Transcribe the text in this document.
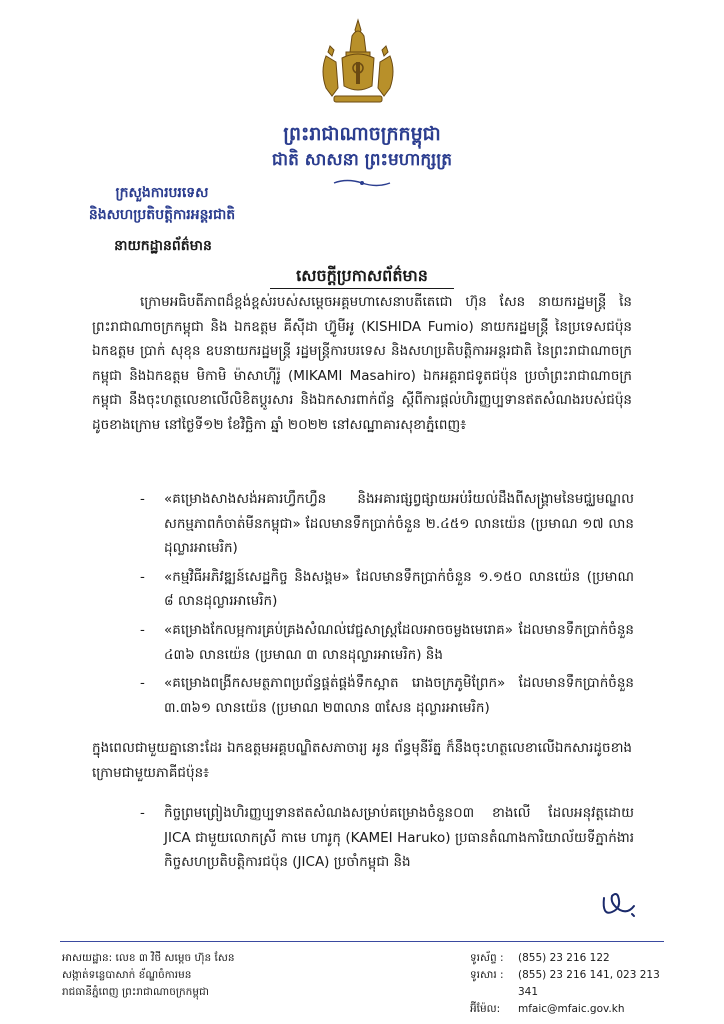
ព្រះរាជាណាចក្រកម្ពុជា
ជាតិ សាសនា ព្រះមហាក្សត្រ
ក្រសួងការបរទេស
និងសហប្រតិបត្តិការអន្តរជាតិ
នាយកដ្ឋានព័ត៌មាន
សេចក្តីប្រកាសព័ត៌មាន
ក្រោមអធិបតីភាពដ៏ខ្ពង់ខ្ពស់របស់សម្តេចអគ្គមហាសេនាបតីតេជោ ហ៊ុន សែន នាយករដ្ឋមន្ត្រី នៃព្រះរាជាណាចក្រកម្ពុជា និង ឯកឧត្តម គីស៊ីដា ហ៊្វូមីអូ (KISHIDA Fumio) នាយករដ្ឋមន្ត្រី នៃប្រទេសជប៉ុន ឯកឧត្តម ប្រាក់ សុខុន ឧបនាយករដ្ឋមន្ត្រី រដ្ឋមន្ត្រីការបរទេស និងសហប្រតិបត្តិការអន្តរជាតិ នៃព្រះរាជាណាចក្រកម្ពុជា និងឯកឧត្តម មិកាមិ ម៉ាសាហ៊ីរ៉ូ (MIKAMI Masahiro) ឯកអគ្គរាជទូតជប៉ុន ប្រចាំព្រះរាជាណាចក្រកម្ពុជា នឹងចុះហត្ថលេខាលើលិខិតប្តូរសារ និងឯកសារពាក់ព័ន្ធ ស្តីពីការផ្តល់ហិរញ្ញប្បទានឥតសំណងរបស់ជប៉ុន ដូចខាងក្រោម នៅថ្ងៃទី១២ ខែវិច្ឆិកា ឆ្នាំ ២០២២ នៅសណ្ឋាគារសុខាភ្នំពេញ៖
- «គម្រោងសាងសង់អគារហ្វឹកហ្វឺន និងអគារផ្សព្វផ្សាយអប់រំយល់ដឹងពីសង្គ្រាមនៃមជ្ឈមណ្ឌលសកម្មភាពកំចាត់មីនកម្ពុជា» ដែលមានទឹកប្រាក់ចំនួន ២.៤៥១ លានយ៉េន (ប្រមាណ ១៧ លានដុល្លារអាមេរិក)
- «កម្មវិធីអភិវឌ្ឍន៍សេដ្ឋកិច្ច និងសង្គម» ដែលមានទឹកប្រាក់ចំនួន ១.១៥០ លានយ៉េន (ប្រមាណ ៨ លានដុល្លារអាមេរិក)
- «គម្រោងកែលម្អការគ្រប់គ្រងសំណល់វេជ្ជសាស្ត្រដែលអាចចម្លងមេរោគ» ដែលមានទឹកប្រាក់ចំនួន ៤៣៦ លានយ៉េន (ប្រមាណ ៣ លានដុល្លារអាមេរិក) និង
- «គម្រោងពង្រីកសមត្ថភាពប្រព័ន្ធផ្គត់ផ្គង់ទឹកស្អាត រោងចក្រភូមិព្រែក» ដែលមានទឹកប្រាក់ចំនួន ៣.៣៦១ លានយ៉េន (ប្រមាណ ២៣លាន ៣សែន ដុល្លារអាមេរិក)
ក្នុងពេលជាមួយគ្នានោះដែរ ឯកឧត្តមអគ្គបណ្ឌិតសភាចារ្យ អូន ព័ន្ធមុនីរ័ត្ន ក៏នឹងចុះហត្ថលេខាលើឯកសារដូចខាងក្រោមជាមួយភាគីជប៉ុន៖
- កិច្ចព្រមព្រៀងហិរញ្ញប្បទានឥតសំណងសម្រាប់គម្រោងចំនួន០៣ ខាងលើ ដែលអនុវត្តដោយ JICA ជាមួយលោកស្រី កាមេ ហារូកុ (KAMEI Haruko) ប្រធានតំណាងការិយាល័យទីភ្នាក់ងារកិច្ចសហប្រតិបត្តិការជប៉ុន (JICA) ប្រចាំកម្ពុជា និង
អាសយដ្ឋាន: លេខ ៣ វិថី សម្តេច ហ៊ុន សែន
សង្កាត់ទន្លេបាសាក់ ខ័ណ្ឌចំការមន
រាជធានីភ្នំពេញ ព្រះរាជាណាចក្រកម្ពុជា
ទូរស័ព្ទ :	(855) 23 216 122
ទូរសារ :	(855) 23 216 141, 023 213 341
អ៊ីម៉ែល:	mfaic@mfaic.gov.kh
